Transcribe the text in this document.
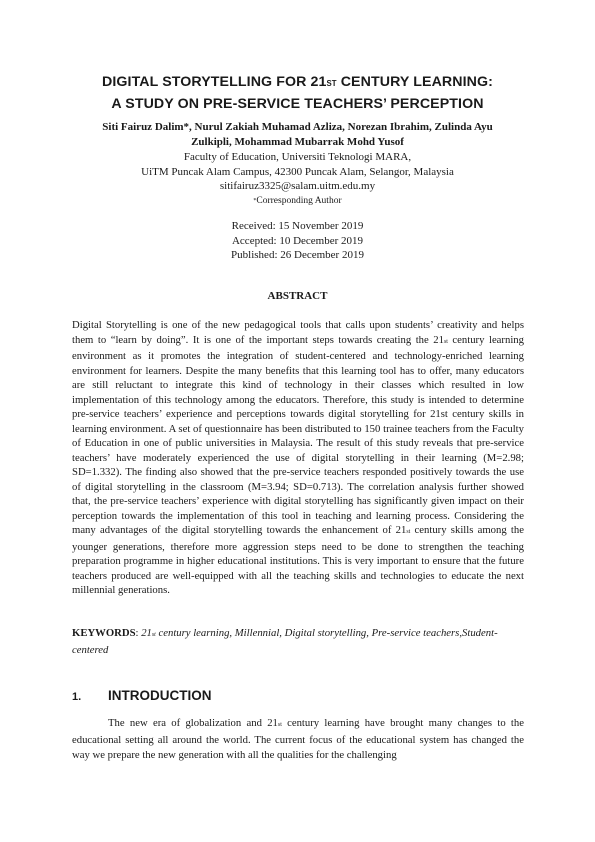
DIGITAL STORYTELLING FOR $21_{ST}$ CENTURY LEARNING:
A STUDY ON PRE-SERVICE TEACHERS’ PERCEPTION
Siti Fairuz Dalim*, Nurul Zakiah Muhamad Azliza, Norezan Ibrahim, Zulinda Ayu
Zulkipli, Mohammad Mubarrak Mohd Yusof
Faculty of Education, Universiti Teknologi MARA,
UiTM Puncak Alam Campus, 42300 Puncak Alam, Selangor, Malaysia
sitifairuz3325@salam.uitm.edu.my
*Corresponding Author
Received: 15 November 2019
Accepted: 10 December 2019
Published: 26 December 2019
ABSTRACT
Digital Storytelling is one of the new pedagogical tools that calls upon students’ creativity and helps them to “learn by doing”. It is one of the important steps towards creating the $21_{st}$ century learning environment as it promotes the integration of student-centered and technology-enriched learning environment for learners. Despite the many benefits that this learning tool has to offer, many educators are still reluctant to integrate this kind of technology in their classes which resulted in low implementation of this technology among the educators. Therefore, this study is intended to determine pre-service teachers’ experience and perceptions towards digital storytelling for 21st century skills in learning environment. A set of questionnaire has been distributed to 150 trainee teachers from the Faculty of Education in one of public universities in Malaysia. The result of this study reveals that pre-service teachers’ have moderately experienced the use of digital storytelling in their learning (M=2.98; SD=1.332). The finding also showed that the pre-service teachers responded positively towards the use of digital storytelling in the classroom (M=3.94; SD=0.713). The correlation analysis further showed that, the pre-service teachers’ experience with digital storytelling has significantly given impact on their perception towards the implementation of this tool in teaching and learning process. Considering the many advantages of the digital storytelling towards the enhancement of $21_{st}$ century skills among the younger generations, therefore more aggression steps need to be done to strengthen the teaching preparation programme in higher educational institutions. This is very important to ensure that the future teachers produced are well-equipped with all the teaching skills and technologies to educate the next millennial generations.
KEYWORDS: $21_{st}$ century learning, Millennial, Digital storytelling, Pre-service teachers,Student-centered
1. INTRODUCTION
The new era of globalization and $21_{st}$ century learning have brought many changes to the educational setting all around the world. The current focus of the educational system has changed the way we prepare the new generation with all the qualities for the challenging
